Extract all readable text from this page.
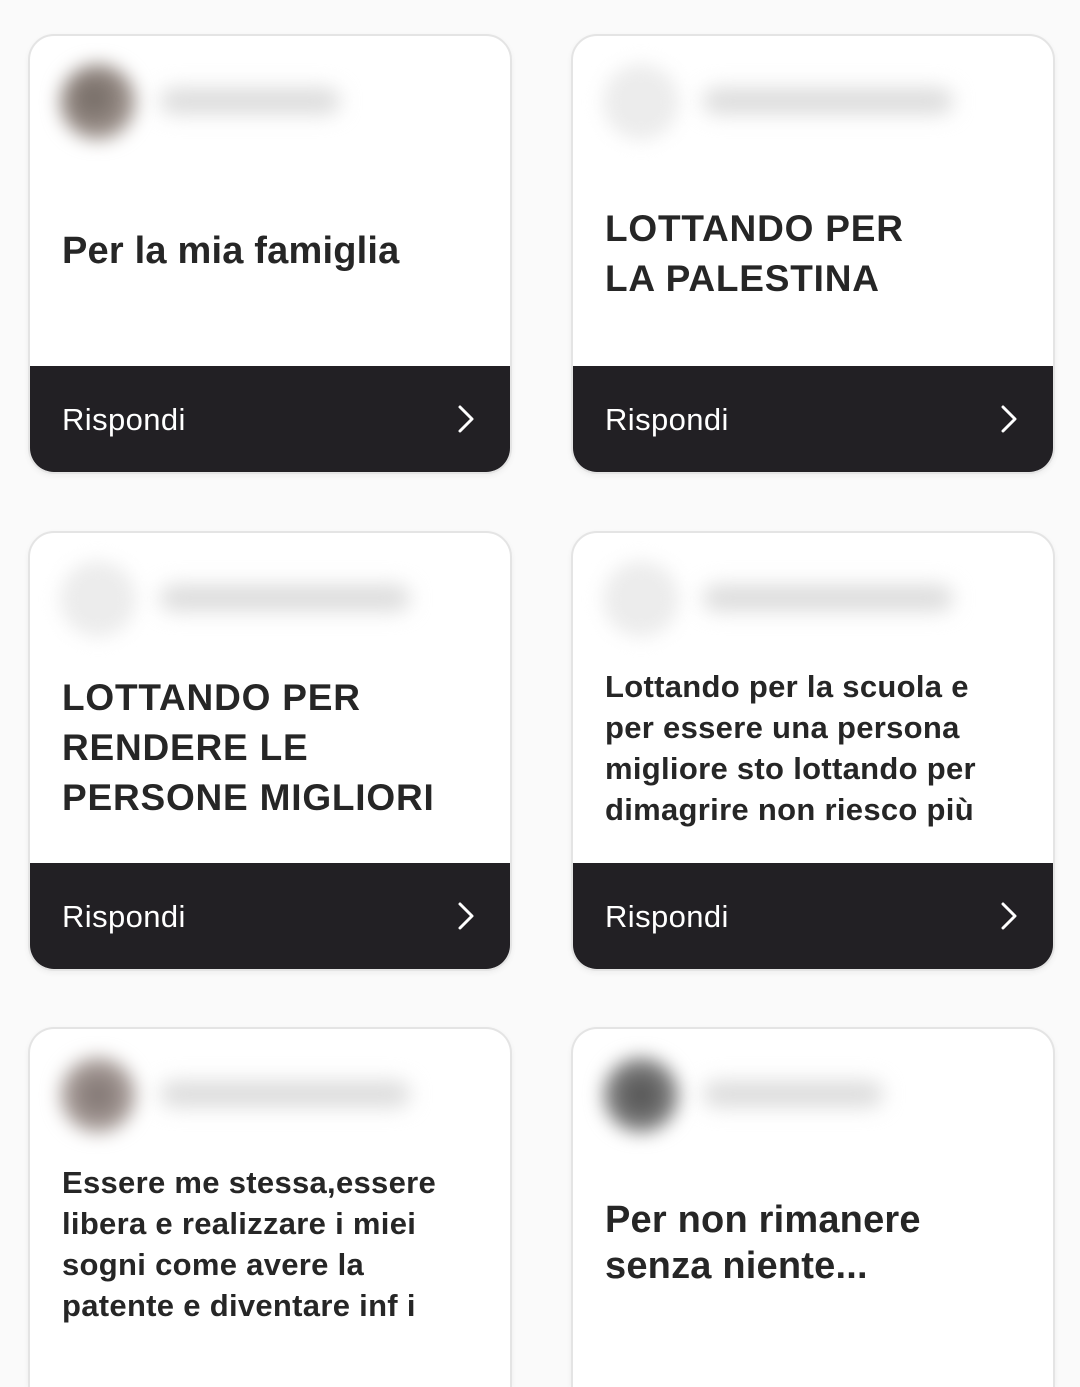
Per la mia famiglia
Rispondi
LOTTANDO PER
LA PALESTINA
Rispondi
LOTTANDO PER
RENDERE LE
PERSONE MIGLIORI
Rispondi
Lottando per la scuola e
per essere una persona
migliore sto lottando per
dimagrire non riesco più
Rispondi
Essere me stessa,essere
libera e realizzare i miei
sogni come avere la
patente e diventare inf i
Per non rimanere
senza niente...
